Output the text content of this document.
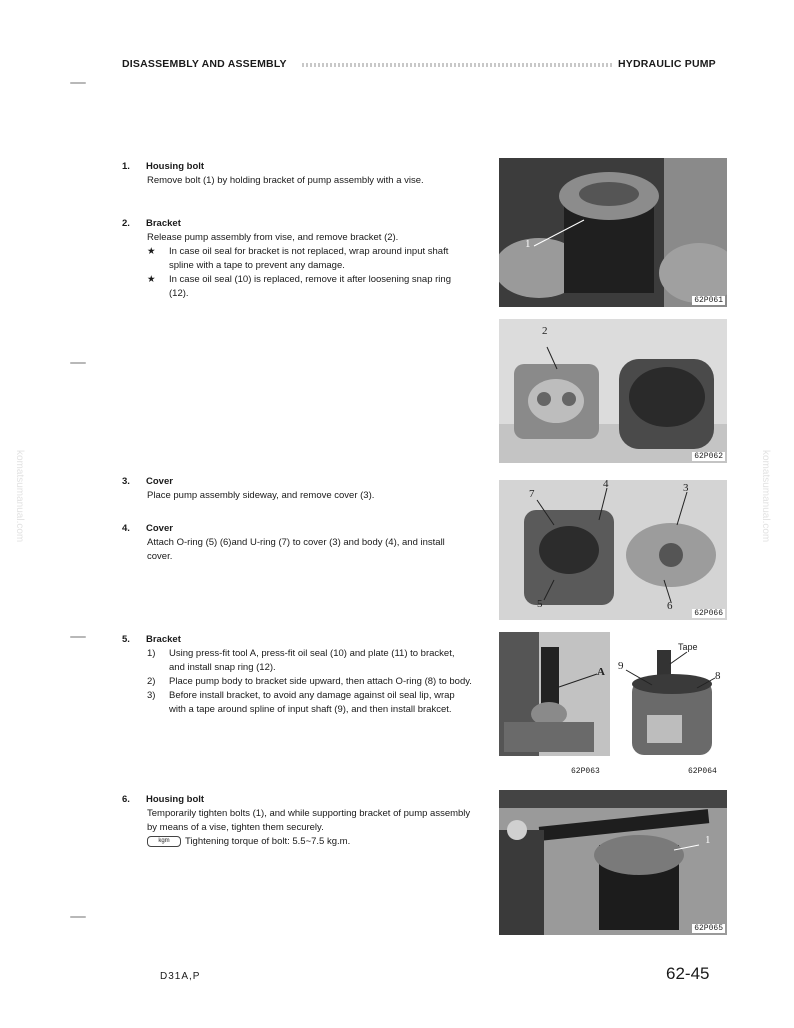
DISASSEMBLY AND ASSEMBLY	HYDRAULIC PUMP
komatsumanual.com	komatsumanual.com
1. Housing bolt
Remove bolt (1) by holding bracket of pump assembly with a vise.
2. Bracket
Release pump assembly from vise, and remove bracket (2).
★ In case oil seal for bracket is not replaced, wrap around input shaft spline with a tape to prevent any damage.
★ In case oil seal (10) is replaced, remove it after loosening snap ring (12).
3. Cover
Place pump assembly sideway, and remove cover (3).
4. Cover
Attach O-ring (5) (6)and U-ring (7) to cover (3) and body (4), and install cover.
5. Bracket
1) Using press-fit tool A, press-fit oil seal (10) and plate (11) to bracket, and install snap ring (12).
2) Place pump body to bracket side upward, then attach O-ring (8) to body.
3) Before install bracket, to avoid any damage against oil seal lip, wrap with a tape around spline of input shaft (9), and then install brakcet.
6. Housing bolt
Temporarily tighten bolts (1), and while supporting bracket of pump assembly by means of a vise, tighten them securely.
kgm Tightening torque of bolt: 5.5~7.5 kg.m.
1
62P061
2
62P062
7
4	3
5	6
62P066
A
62P063
Tape
9
8
62P064
1
62P065
D31A,P	62-45
